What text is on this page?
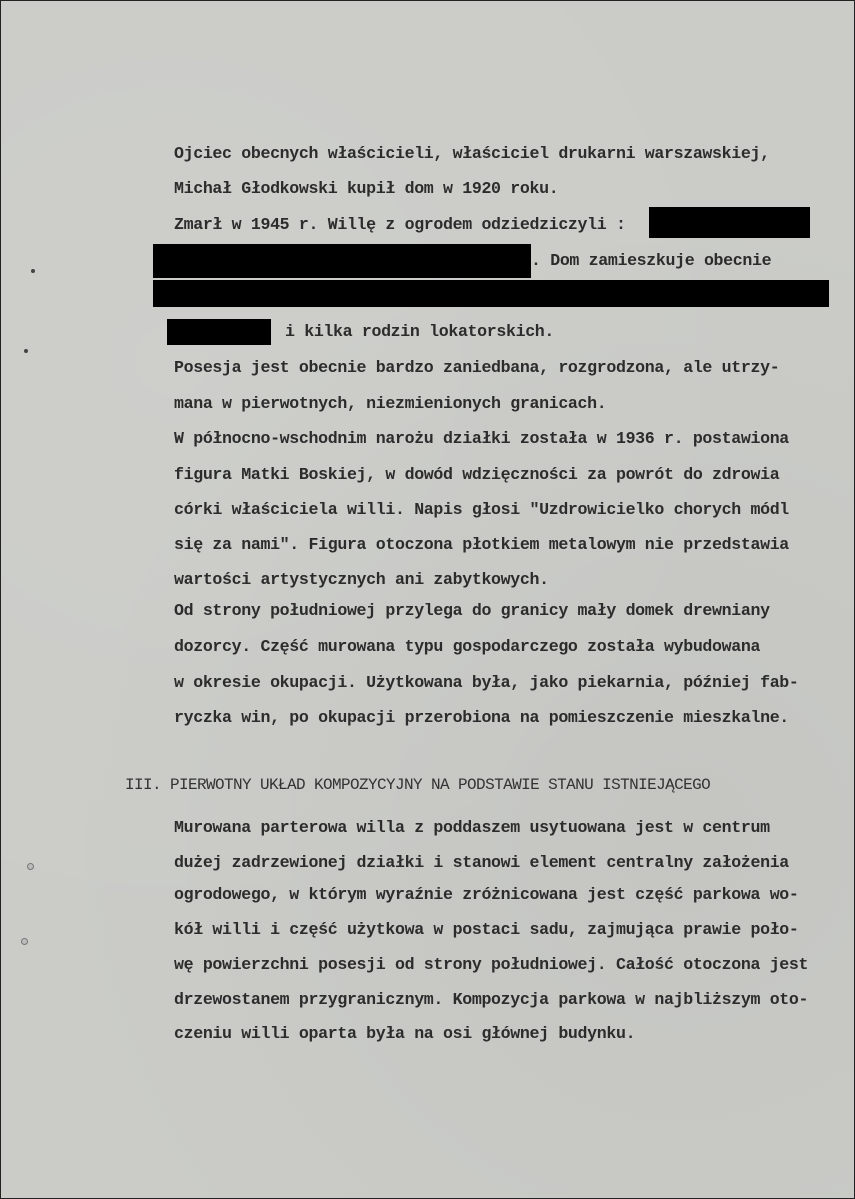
Ojciec obecnych właścicieli, właściciel drukarni warszawskiej,
Michał Głodkowski kupił dom w 1920 roku.
Zmarł w 1945 r. Willę z ogrodem odziedziczyli :
. Dom zamieszkuje obecnie
i kilka rodzin lokatorskich.
Posesja jest obecnie bardzo zaniedbana, rozgrodzona, ale utrzy-
mana w pierwotnych, niezmienionych granicach.
W północno-wschodnim narożu działki została w 1936 r. postawiona
figura Matki Boskiej, w dowód wdzięczności za powrót do zdrowia
córki właściciela willi. Napis głosi "Uzdrowicielko chorych módl
się za nami". Figura otoczona płotkiem metalowym nie przedstawia
wartości artystycznych ani zabytkowych.
Od strony południowej przylega do granicy mały domek drewniany
dozorcy. Część murowana typu gospodarczego została wybudowana
w okresie okupacji. Użytkowana była, jako piekarnia, później fab-
ryczka win, po okupacji przerobiona na pomieszczenie mieszkalne.
III. PIERWOTNY UKŁAD KOMPOZYCYJNY NA PODSTAWIE STANU ISTNIEJĄCEGO
Murowana parterowa willa z poddaszem usytuowana jest w centrum
dużej zadrzewionej działki i stanowi element centralny założenia
ogrodowego, w którym wyraźnie zróżnicowana jest część parkowa wo-
kół willi i część użytkowa w postaci sadu, zajmująca prawie poło-
wę powierzchni posesji od strony południowej. Całość otoczona jest
drzewostanem przygranicznym. Kompozycja parkowa w najbliższym oto-
czeniu willi oparta była na osi głównej budynku.
